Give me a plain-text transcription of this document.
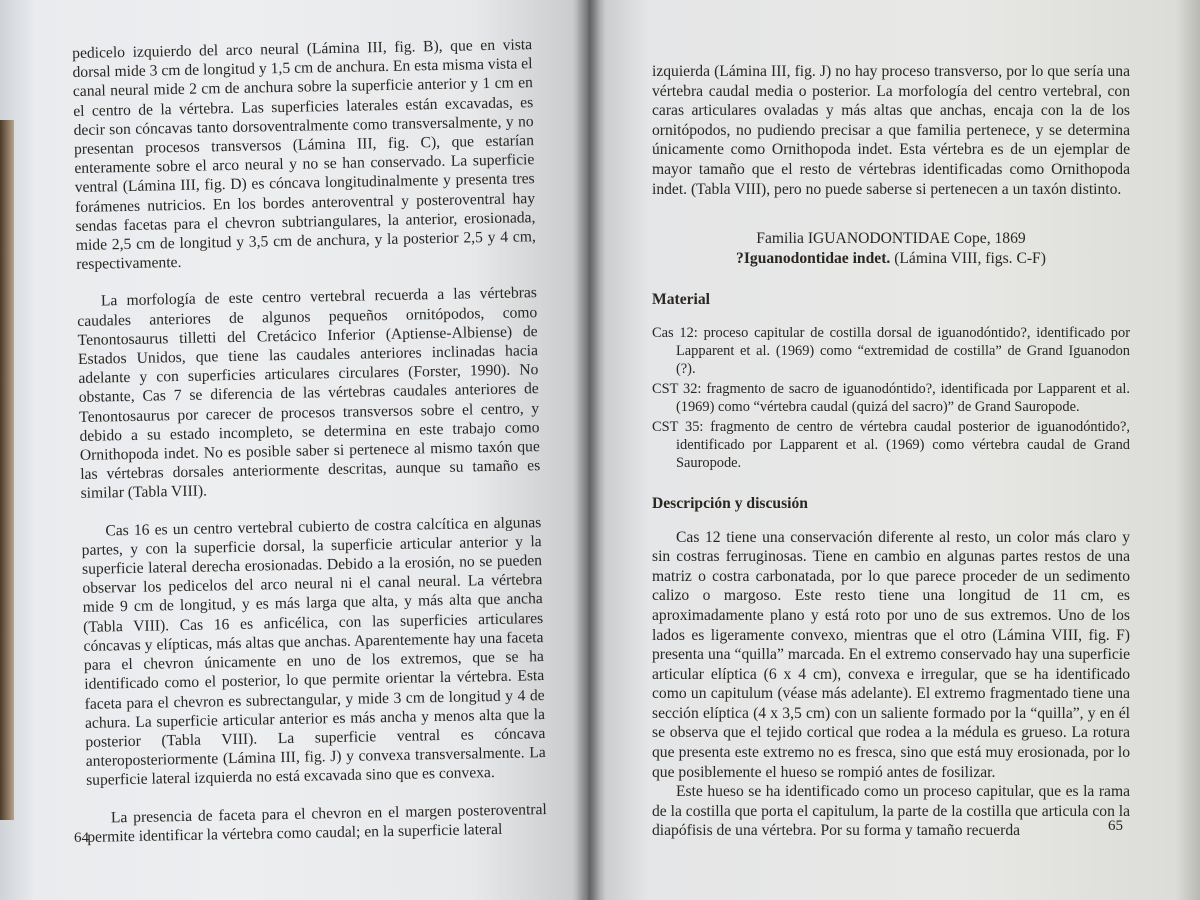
pedicelo izquierdo del arco neural (Lámina III, fig. B), que en vista dorsal mide 3 cm de longitud y 1,5 cm de anchura. En esta misma vista el canal neural mide 2 cm de anchura sobre la superficie anterior y 1 cm en el centro de la vértebra. Las superficies laterales están excavadas, es decir son cóncavas tanto dorsoventralmente como transversalmente, y no presentan procesos transversos (Lámina III, fig. C), que estarían enteramente sobre el arco neural y no se han conservado. La superficie ventral (Lámina III, fig. D) es cóncava longitudinalmente y presenta tres forámenes nutricios. En los bordes anteroventral y posteroventral hay sendas facetas para el chevron subtriangulares, la anterior, erosionada, mide 2,5 cm de longitud y 3,5 cm de anchura, y la posterior 2,5 y 4 cm, respectivamente.

La morfología de este centro vertebral recuerda a las vértebras caudales anteriores de algunos pequeños ornitópodos, como Tenontosaurus tilletti del Cretácico Inferior (Aptiense-Albiense) de Estados Unidos, que tiene las caudales anteriores inclinadas hacia adelante y con superficies articulares circulares (Forster, 1990). No obstante, Cas 7 se diferencia de las vértebras caudales anteriores de Tenontosaurus por carecer de procesos transversos sobre el centro, y debido a su estado incompleto, se determina en este trabajo como Ornithopoda indet. No es posible saber si pertenece al mismo taxón que las vértebras dorsales anteriormente descritas, aunque su tamaño es similar (Tabla VIII).

Cas 16 es un centro vertebral cubierto de costra calcítica en algunas partes, y con la superficie dorsal, la superficie articular anterior y la superficie lateral derecha erosionadas. Debido a la erosión, no se pueden observar los pedicelos del arco neural ni el canal neural. La vértebra mide 9 cm de longitud, y es más larga que alta, y más alta que ancha (Tabla VIII). Cas 16 es anficélica, con las superficies articulares cóncavas y elípticas, más altas que anchas. Aparentemente hay una faceta para el chevron únicamente en uno de los extremos, que se ha identificado como el posterior, lo que permite orientar la vértebra. Esta faceta para el chevron es subrectangular, y mide 3 cm de longitud y 4 de achura. La superficie articular anterior es más ancha y menos alta que la posterior (Tabla VIII). La superficie ventral es cóncava anteroposteriormente (Lámina III, fig. J) y convexa transversalmente. La superficie lateral izquierda no está excavada sino que es convexa.

La presencia de faceta para el chevron en el margen posteroventral permite identificar la vértebra como caudal; en la superficie lateral

64

izquierda (Lámina III, fig. J) no hay proceso transverso, por lo que sería una vértebra caudal media o posterior. La morfología del centro vertebral, con caras articulares ovaladas y más altas que anchas, encaja con la de los ornitópodos, no pudiendo precisar a que familia pertenece, y se determina únicamente como Ornithopoda indet. Esta vértebra es de un ejemplar de mayor tamaño que el resto de vértebras identificadas como Ornithopoda indet. (Tabla VIII), pero no puede saberse si pertenecen a un taxón distinto.

Familia IGUANODONTIDAE Cope, 1869

?Iguanodontidae indet. (Lámina VIII, figs. C-F)

Material

Cas 12: proceso capitular de costilla dorsal de iguanodóntido?, identificado por Lapparent et al. (1969) como “extremidad de costilla” de Grand Iguanodon (?).

CST 32: fragmento de sacro de iguanodóntido?, identificada por Lapparent et al. (1969) como “vértebra caudal (quizá del sacro)” de Grand Sauropode.

CST 35: fragmento de centro de vértebra caudal posterior de iguanodóntido?, identificado por Lapparent et al. (1969) como vértebra caudal de Grand Sauropode.

Descripción y discusión

Cas 12 tiene una conservación diferente al resto, un color más claro y sin costras ferruginosas. Tiene en cambio en algunas partes restos de una matriz o costra carbonatada, por lo que parece proceder de un sedimento calizo o margoso. Este resto tiene una longitud de 11 cm, es aproximadamente plano y está roto por uno de sus extremos. Uno de los lados es ligeramente convexo, mientras que el otro (Lámina VIII, fig. F) presenta una “quilla” marcada. En el extremo conservado hay una superficie articular elíptica (6 x 4 cm), convexa e irregular, que se ha identificado como un capitulum (véase más adelante). El extremo fragmentado tiene una sección elíptica (4 x 3,5 cm) con un saliente formado por la “quilla”, y en él se observa que el tejido cortical que rodea a la médula es grueso. La rotura que presenta este extremo no es fresca, sino que está muy erosionada, por lo que posiblemente el hueso se rompió antes de fosilizar.

Este hueso se ha identificado como un proceso capitular, que es la rama de la costilla que porta el capitulum, la parte de la costilla que articula con la diapófisis de una vértebra. Por su forma y tamaño recuerda	65
